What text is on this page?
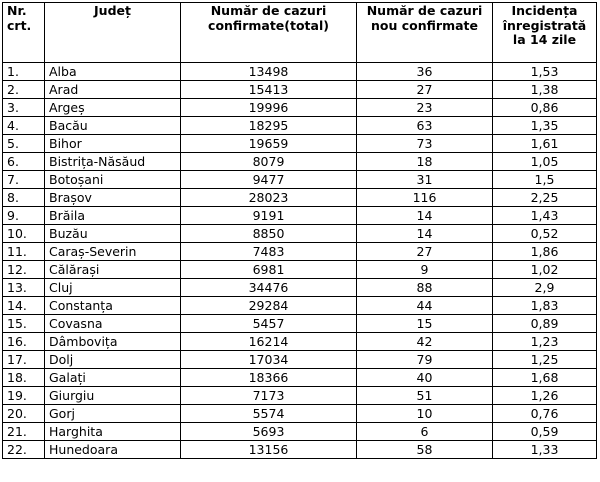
Nr. crt.	Județ	Număr de cazuri confirmate(total)	Număr de cazuri nou confirmate	Incidența înregistrată la 14 zile
1.	Alba	13498	36	1,53
2.	Arad	15413	27	1,38
3.	Argeș	19996	23	0,86
4.	Bacău	18295	63	1,35
5.	Bihor	19659	73	1,61
6.	Bistrița-Năsăud	8079	18	1,05
7.	Botoșani	9477	31	1,5
8.	Brașov	28023	116	2,25
9.	Brăila	9191	14	1,43
10.	Buzău	8850	14	0,52
11.	Caraș-Severin	7483	27	1,86
12.	Călărași	6981	9	1,02
13.	Cluj	34476	88	2,9
14.	Constanța	29284	44	1,83
15.	Covasna	5457	15	0,89
16.	Dâmbovița	16214	42	1,23
17.	Dolj	17034	79	1,25
18.	Galați	18366	40	1,68
19.	Giurgiu	7173	51	1,26
20.	Gorj	5574	10	0,76
21.	Harghita	5693	6	0,59
22.	Hunedoara	13156	58	1,33
